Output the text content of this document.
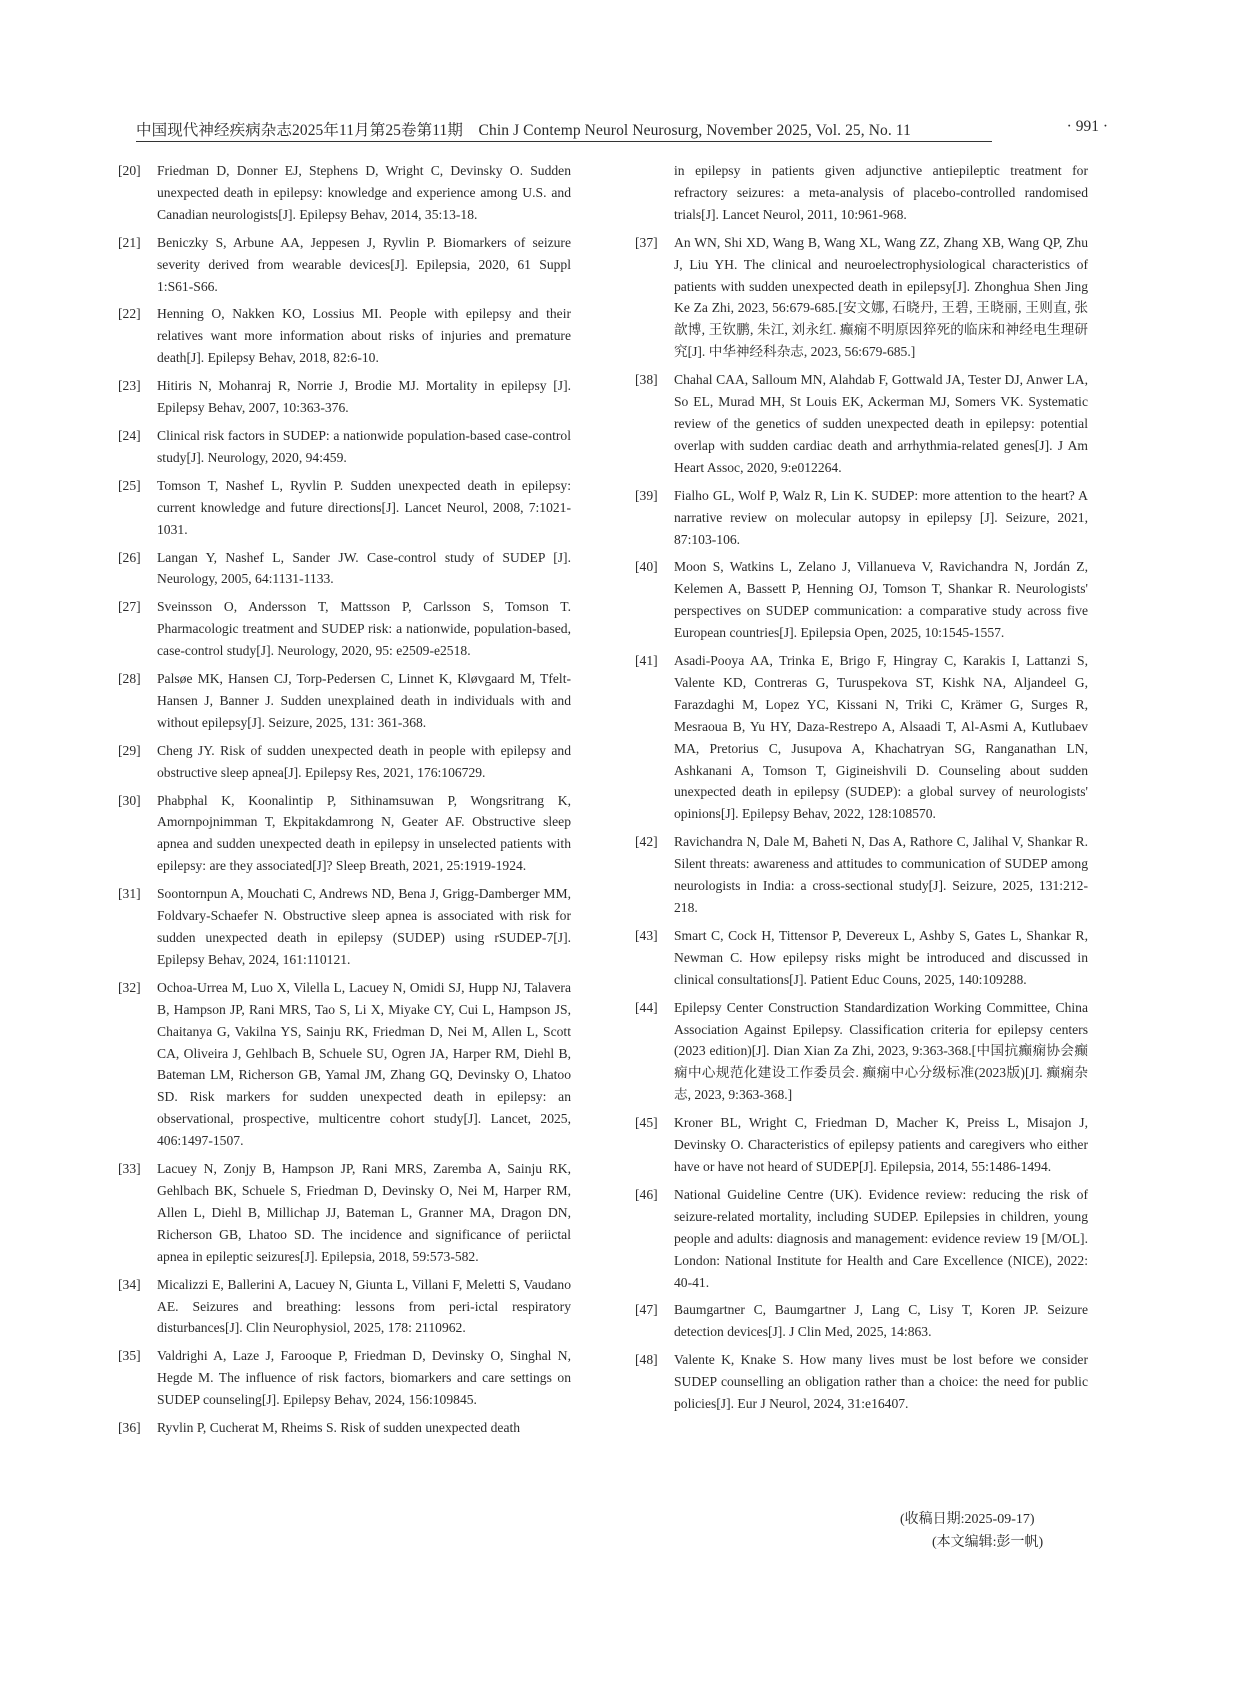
中国现代神经疾病杂志2025年11月第25卷第11期　Chin J Contemp Neurol Neurosurg, November 2025, Vol. 25, No. 11	· 991 ·
[20] Friedman D, Donner EJ, Stephens D, Wright C, Devinsky O. Sudden unexpected death in epilepsy: knowledge and experience among U.S. and Canadian neurologists[J]. Epilepsy Behav, 2014, 35:13-18.
[21] Beniczky S, Arbune AA, Jeppesen J, Ryvlin P. Biomarkers of seizure severity derived from wearable devices[J]. Epilepsia, 2020, 61 Suppl 1:S61-S66.
[22] Henning O, Nakken KO, Lossius MI. People with epilepsy and their relatives want more information about risks of injuries and premature death[J]. Epilepsy Behav, 2018, 82:6-10.
[23] Hitiris N, Mohanraj R, Norrie J, Brodie MJ. Mortality in epilepsy [J]. Epilepsy Behav, 2007, 10:363-376.
[24] Clinical risk factors in SUDEP: a nationwide population-based case-control study[J]. Neurology, 2020, 94:459.
[25] Tomson T, Nashef L, Ryvlin P. Sudden unexpected death in epilepsy: current knowledge and future directions[J]. Lancet Neurol, 2008, 7:1021-1031.
[26] Langan Y, Nashef L, Sander JW. Case-control study of SUDEP [J]. Neurology, 2005, 64:1131-1133.
[27] Sveinsson O, Andersson T, Mattsson P, Carlsson S, Tomson T. Pharmacologic treatment and SUDEP risk: a nationwide, population-based, case-control study[J]. Neurology, 2020, 95: e2509-e2518.
[28] Palsøe MK, Hansen CJ, Torp-Pedersen C, Linnet K, Kløvgaard M, Tfelt-Hansen J, Banner J. Sudden unexplained death in individuals with and without epilepsy[J]. Seizure, 2025, 131: 361-368.
[29] Cheng JY. Risk of sudden unexpected death in people with epilepsy and obstructive sleep apnea[J]. Epilepsy Res, 2021, 176:106729.
[30] Phabphal K, Koonalintip P, Sithinamsuwan P, Wongsritrang K, Amornpojnimman T, Ekpitakdamrong N, Geater AF. Obstructive sleep apnea and sudden unexpected death in epilepsy in unselected patients with epilepsy: are they associated[J]? Sleep Breath, 2021, 25:1919-1924.
[31] Soontornpun A, Mouchati C, Andrews ND, Bena J, Grigg-Damberger MM, Foldvary-Schaefer N. Obstructive sleep apnea is associated with risk for sudden unexpected death in epilepsy (SUDEP) using rSUDEP-7[J]. Epilepsy Behav, 2024, 161:110121.
[32] Ochoa-Urrea M, Luo X, Vilella L, Lacuey N, Omidi SJ, Hupp NJ, Talavera B, Hampson JP, Rani MRS, Tao S, Li X, Miyake CY, Cui L, Hampson JS, Chaitanya G, Vakilna YS, Sainju RK, Friedman D, Nei M, Allen L, Scott CA, Oliveira J, Gehlbach B, Schuele SU, Ogren JA, Harper RM, Diehl B, Bateman LM, Richerson GB, Yamal JM, Zhang GQ, Devinsky O, Lhatoo SD. Risk markers for sudden unexpected death in epilepsy: an observational, prospective, multicentre cohort study[J]. Lancet, 2025, 406:1497-1507.
[33] Lacuey N, Zonjy B, Hampson JP, Rani MRS, Zaremba A, Sainju RK, Gehlbach BK, Schuele S, Friedman D, Devinsky O, Nei M, Harper RM, Allen L, Diehl B, Millichap JJ, Bateman L, Granner MA, Dragon DN, Richerson GB, Lhatoo SD. The incidence and significance of periictal apnea in epileptic seizures[J]. Epilepsia, 2018, 59:573-582.
[34] Micalizzi E, Ballerini A, Lacuey N, Giunta L, Villani F, Meletti S, Vaudano AE. Seizures and breathing: lessons from peri-ictal respiratory disturbances[J]. Clin Neurophysiol, 2025, 178: 2110962.
[35] Valdrighi A, Laze J, Farooque P, Friedman D, Devinsky O, Singhal N, Hegde M. The influence of risk factors, biomarkers and care settings on SUDEP counseling[J]. Epilepsy Behav, 2024, 156:109845.
[36] Ryvlin P, Cucherat M, Rheims S. Risk of sudden unexpected death
in epilepsy in patients given adjunctive antiepileptic treatment for refractory seizures: a meta-analysis of placebo-controlled randomised trials[J]. Lancet Neurol, 2011, 10:961-968.
[37] An WN, Shi XD, Wang B, Wang XL, Wang ZZ, Zhang XB, Wang QP, Zhu J, Liu YH. The clinical and neuroelectrophysiological characteristics of patients with sudden unexpected death in epilepsy[J]. Zhonghua Shen Jing Ke Za Zhi, 2023, 56:679-685.[安文娜, 石晓丹, 王碧, 王晓丽, 王则直, 张歆博, 王钦鹏, 朱江, 刘永红. 癫痫不明原因猝死的临床和神经电生理研究[J]. 中华神经科杂志, 2023, 56:679-685.]
[38] Chahal CAA, Salloum MN, Alahdab F, Gottwald JA, Tester DJ, Anwer LA, So EL, Murad MH, St Louis EK, Ackerman MJ, Somers VK. Systematic review of the genetics of sudden unexpected death in epilepsy: potential overlap with sudden cardiac death and arrhythmia-related genes[J]. J Am Heart Assoc, 2020, 9:e012264.
[39] Fialho GL, Wolf P, Walz R, Lin K. SUDEP: more attention to the heart? A narrative review on molecular autopsy in epilepsy [J]. Seizure, 2021, 87:103-106.
[40] Moon S, Watkins L, Zelano J, Villanueva V, Ravichandra N, Jordán Z, Kelemen A, Bassett P, Henning OJ, Tomson T, Shankar R. Neurologists' perspectives on SUDEP communication: a comparative study across five European countries[J]. Epilepsia Open, 2025, 10:1545-1557.
[41] Asadi-Pooya AA, Trinka E, Brigo F, Hingray C, Karakis I, Lattanzi S, Valente KD, Contreras G, Turuspekova ST, Kishk NA, Aljandeel G, Farazdaghi M, Lopez YC, Kissani N, Triki C, Krämer G, Surges R, Mesraoua B, Yu HY, Daza-Restrepo A, Alsaadi T, Al-Asmi A, Kutlubaev MA, Pretorius C, Jusupova A, Khachatryan SG, Ranganathan LN, Ashkanani A, Tomson T, Gigineishvili D. Counseling about sudden unexpected death in epilepsy (SUDEP): a global survey of neurologists' opinions[J]. Epilepsy Behav, 2022, 128:108570.
[42] Ravichandra N, Dale M, Baheti N, Das A, Rathore C, Jalihal V, Shankar R. Silent threats: awareness and attitudes to communication of SUDEP among neurologists in India: a cross-sectional study[J]. Seizure, 2025, 131:212-218.
[43] Smart C, Cock H, Tittensor P, Devereux L, Ashby S, Gates L, Shankar R, Newman C. How epilepsy risks might be introduced and discussed in clinical consultations[J]. Patient Educ Couns, 2025, 140:109288.
[44] Epilepsy Center Construction Standardization Working Committee, China Association Against Epilepsy. Classification criteria for epilepsy centers (2023 edition)[J]. Dian Xian Za Zhi, 2023, 9:363-368.[中国抗癫痫协会癫痫中心规范化建设工作委员会. 癫痫中心分级标准(2023版)[J]. 癫痫杂志, 2023, 9:363-368.]
[45] Kroner BL, Wright C, Friedman D, Macher K, Preiss L, Misajon J, Devinsky O. Characteristics of epilepsy patients and caregivers who either have or have not heard of SUDEP[J]. Epilepsia, 2014, 55:1486-1494.
[46] National Guideline Centre (UK). Evidence review: reducing the risk of seizure-related mortality, including SUDEP. Epilepsies in children, young people and adults: diagnosis and management: evidence review 19 [M/OL]. London: National Institute for Health and Care Excellence (NICE), 2022: 40-41.
[47] Baumgartner C, Baumgartner J, Lang C, Lisy T, Koren JP. Seizure detection devices[J]. J Clin Med, 2025, 14:863.
[48] Valente K, Knake S. How many lives must be lost before we consider SUDEP counselling an obligation rather than a choice: the need for public policies[J]. Eur J Neurol, 2024, 31:e16407.
(收稿日期:2025-09-17)
(本文编辑:彭一帆)
